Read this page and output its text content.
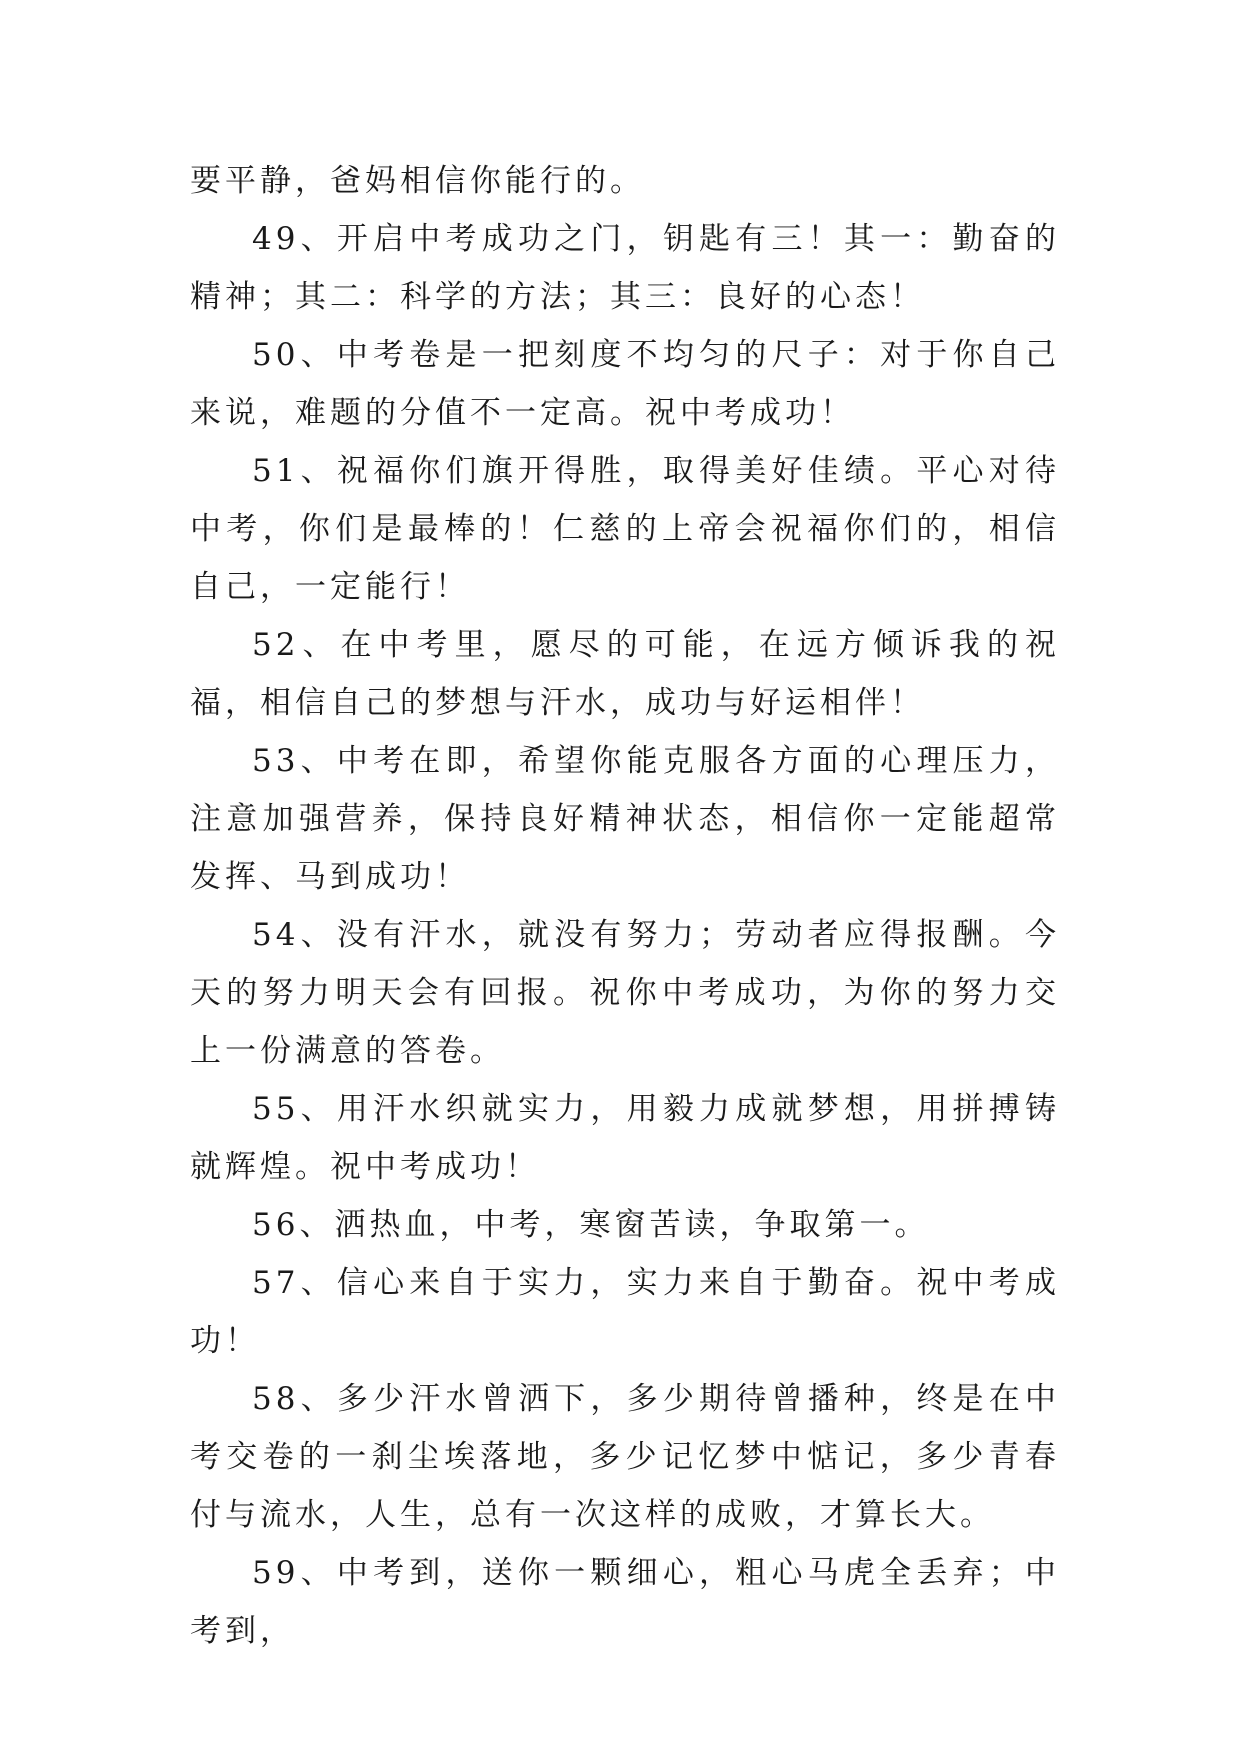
要平静，爸妈相信你能行的。

49、开启中考成功之门，钥匙有三！其一：勤奋的精神；其二：科学的方法；其三：良好的心态！

50、中考卷是一把刻度不均匀的尺子：对于你自己来说，难题的分值不一定高。祝中考成功！

51、祝福你们旗开得胜，取得美好佳绩。平心对待中考，你们是最棒的！仁慈的上帝会祝福你们的，相信自己，一定能行！

52、在中考里，愿尽的可能，在远方倾诉我的祝福，相信自己的梦想与汗水，成功与好运相伴！

53、中考在即，希望你能克服各方面的心理压力，注意加强营养，保持良好精神状态，相信你一定能超常发挥、马到成功！

54、没有汗水，就没有努力；劳动者应得报酬。今天的努力明天会有回报。祝你中考成功，为你的努力交上一份满意的答卷。

55、用汗水织就实力，用毅力成就梦想，用拼搏铸就辉煌。祝中考成功！

56、洒热血，中考，寒窗苦读，争取第一。

57、信心来自于实力，实力来自于勤奋。祝中考成功！

58、多少汗水曾洒下，多少期待曾播种，终是在中考交卷的一刹尘埃落地，多少记忆梦中惦记，多少青春付与流水，人生，总有一次这样的成败，才算长大。

59、中考到，送你一颗细心，粗心马虎全丢弃；中考到，
